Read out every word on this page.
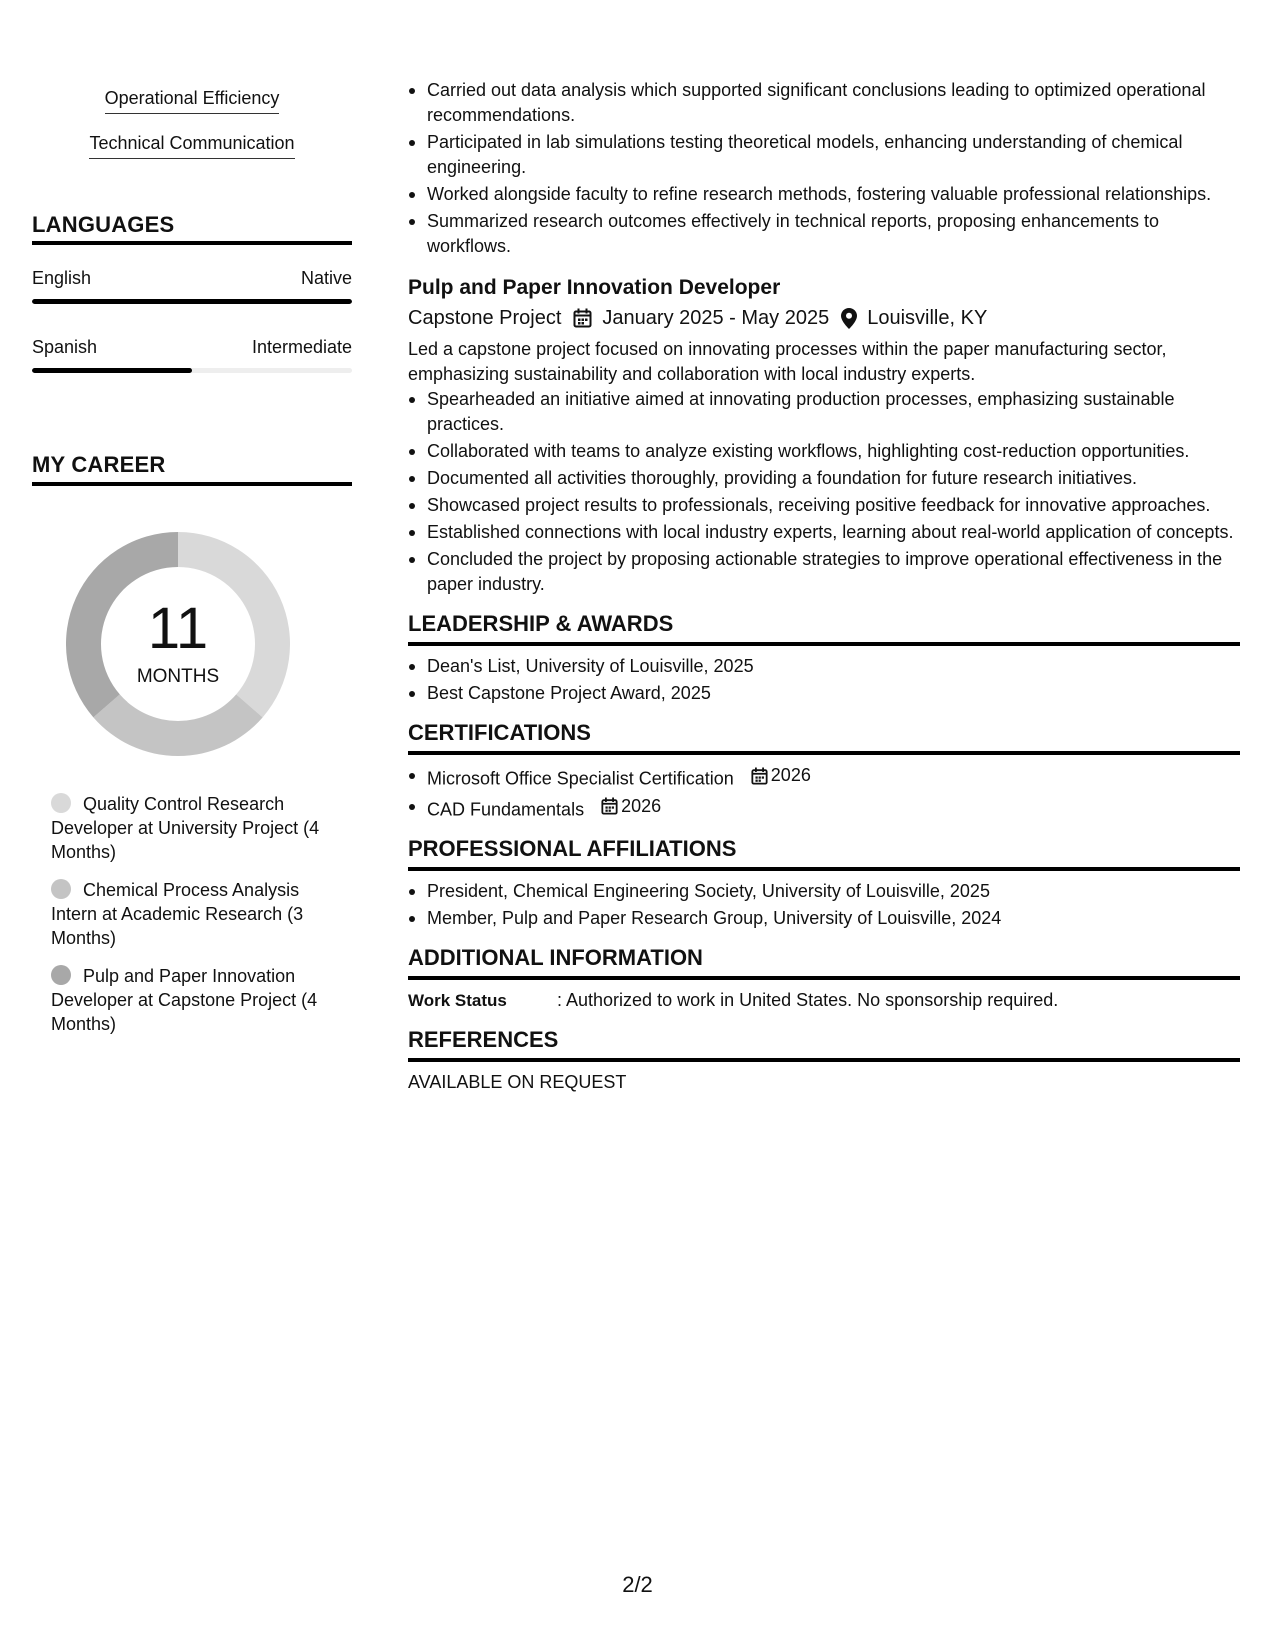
Operational Efficiency
Technical Communication
LANGUAGES
English	Native
Spanish	Intermediate
MY CAREER
11
MONTHS
Quality Control Research Developer at University Project (4 Months)
Chemical Process Analysis Intern at Academic Research (3 Months)
Pulp and Paper Innovation Developer at Capstone Project (4 Months)
Carried out data analysis which supported significant conclusions leading to optimized operational recommendations.
Participated in lab simulations testing theoretical models, enhancing understanding of chemical engineering.
Worked alongside faculty to refine research methods, fostering valuable professional relationships.
Summarized research outcomes effectively in technical reports, proposing enhancements to workflows.
Pulp and Paper Innovation Developer
Capstone Project January 2025 - May 2025 Louisville, KY
Led a capstone project focused on innovating processes within the paper manufacturing sector, emphasizing sustainability and collaboration with local industry experts.
Spearheaded an initiative aimed at innovating production processes, emphasizing sustainable practices.
Collaborated with teams to analyze existing workflows, highlighting cost-reduction opportunities.
Documented all activities thoroughly, providing a foundation for future research initiatives.
Showcased project results to professionals, receiving positive feedback for innovative approaches.
Established connections with local industry experts, learning about real-world application of concepts.
Concluded the project by proposing actionable strategies to improve operational effectiveness in the paper industry.
LEADERSHIP & AWARDS
Dean's List, University of Louisville, 2025
Best Capstone Project Award, 2025
CERTIFICATIONS
Microsoft Office Specialist Certification 2026
CAD Fundamentals 2026
PROFESSIONAL AFFILIATIONS
President, Chemical Engineering Society, University of Louisville, 2025
Member, Pulp and Paper Research Group, University of Louisville, 2024
ADDITIONAL INFORMATION
Work Status	: Authorized to work in United States. No sponsorship required.
REFERENCES
AVAILABLE ON REQUEST
2/2
